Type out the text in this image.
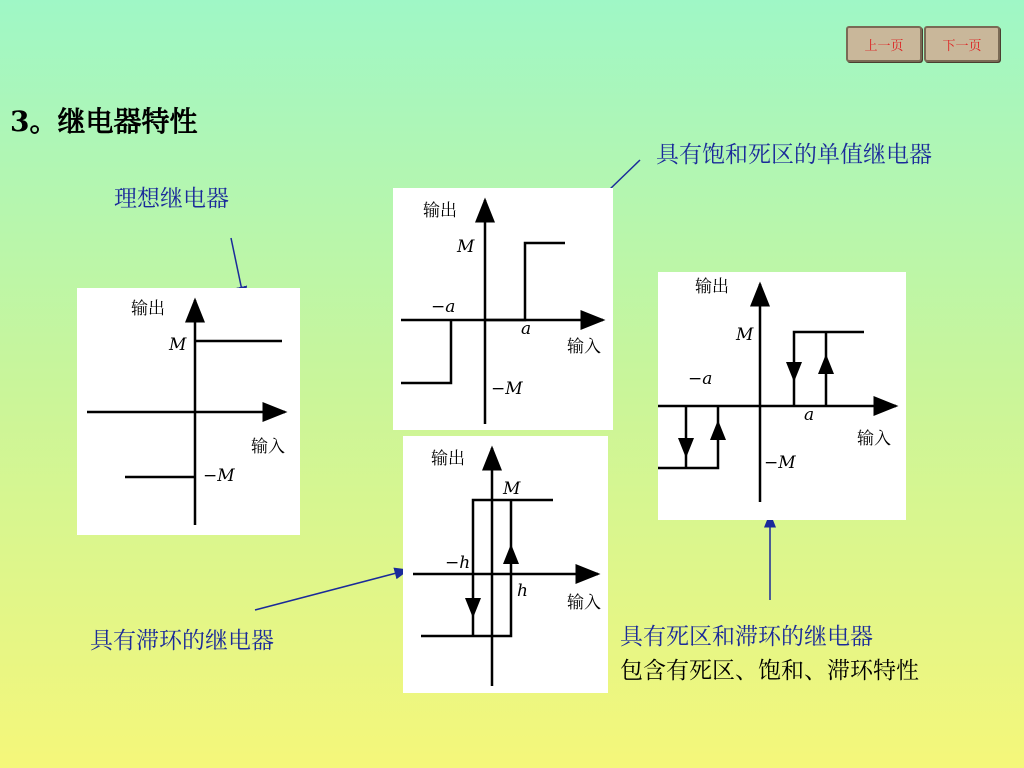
上一页	下一页
3。继电器特性
理想继电器
具有饱和死区的单值继电器
具有滞环的继电器	具有死区和滞环的继电器
包含有死区、饱和、滞环特性
M
−M
输出
输入
M
−M
−a
a
输出
输入
M
−h
h
输出
输入
M
−M
−a
a
输出
输入
